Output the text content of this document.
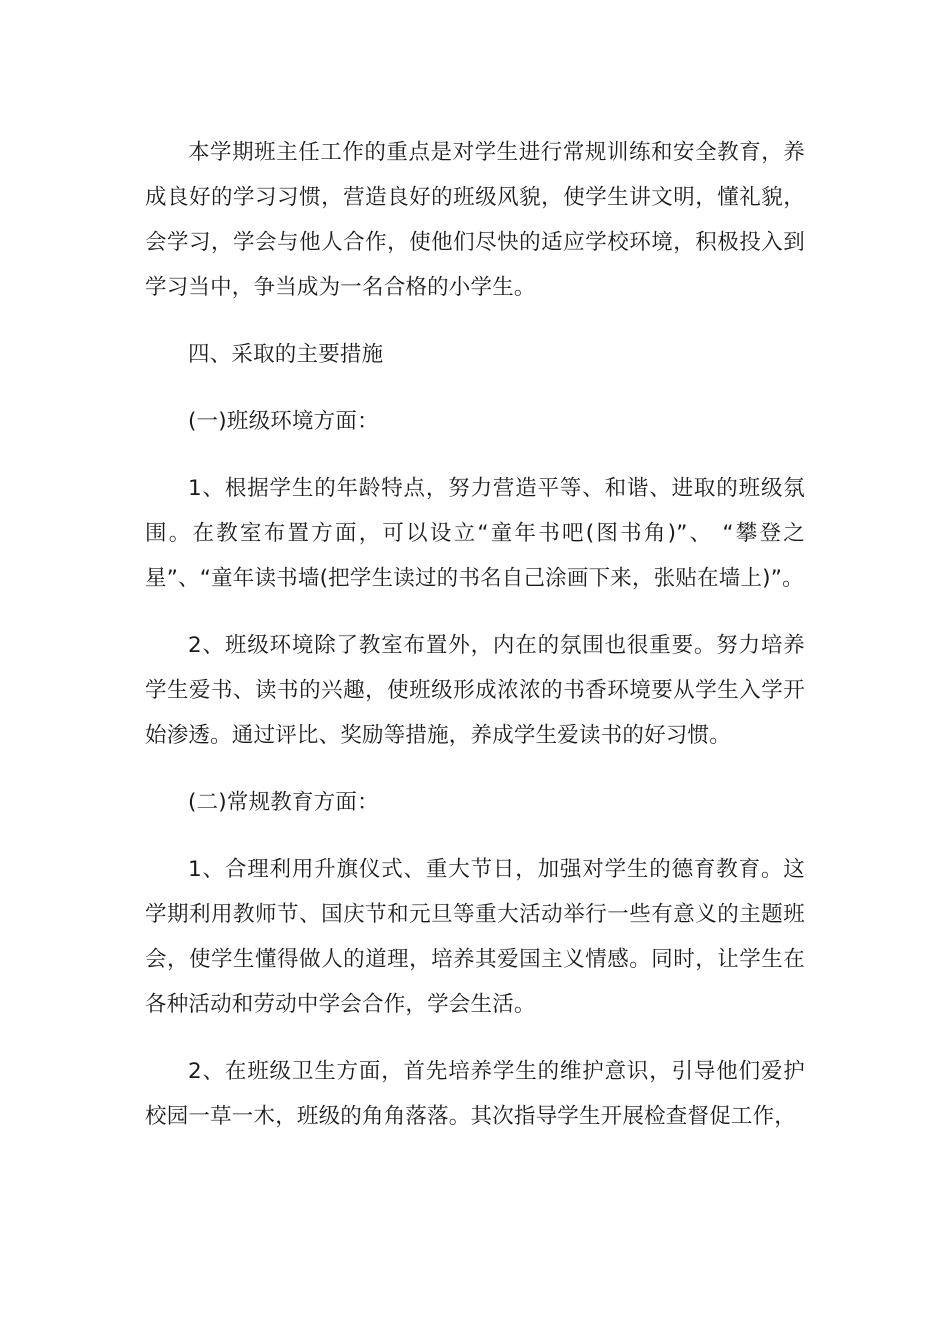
本学期班主任工作的重点是对学生进行常规训练和安全教育，养成良好的学习习惯，营造良好的班级风貌，使学生讲文明，懂礼貌，会学习，学会与他人合作，使他们尽快的适应学校环境，积极投入到学习当中，争当成为一名合格的小学生。

四、采取的主要措施

(一)班级环境方面：

1、根据学生的年龄特点，努力营造平等、和谐、进取的班级氛围。在教室布置方面，可以设立“童年书吧(图书角)”、 “攀登之星”、“童年读书墙(把学生读过的书名自己涂画下来，张贴在墙上)”。

2、班级环境除了教室布置外，内在的氛围也很重要。努力培养学生爱书、读书的兴趣，使班级形成浓浓的书香环境要从学生入学开始渗透。通过评比、奖励等措施，养成学生爱读书的好习惯。

(二)常规教育方面：

1、合理利用升旗仪式、重大节日，加强对学生的德育教育。这学期利用教师节、国庆节和元旦等重大活动举行一些有意义的主题班会，使学生懂得做人的道理，培养其爱国主义情感。同时，让学生在各种活动和劳动中学会合作，学会生活。

2、在班级卫生方面，首先培养学生的维护意识，引导他们爱护校园一草一木，班级的角角落落。其次指导学生开展检查督促工作，
